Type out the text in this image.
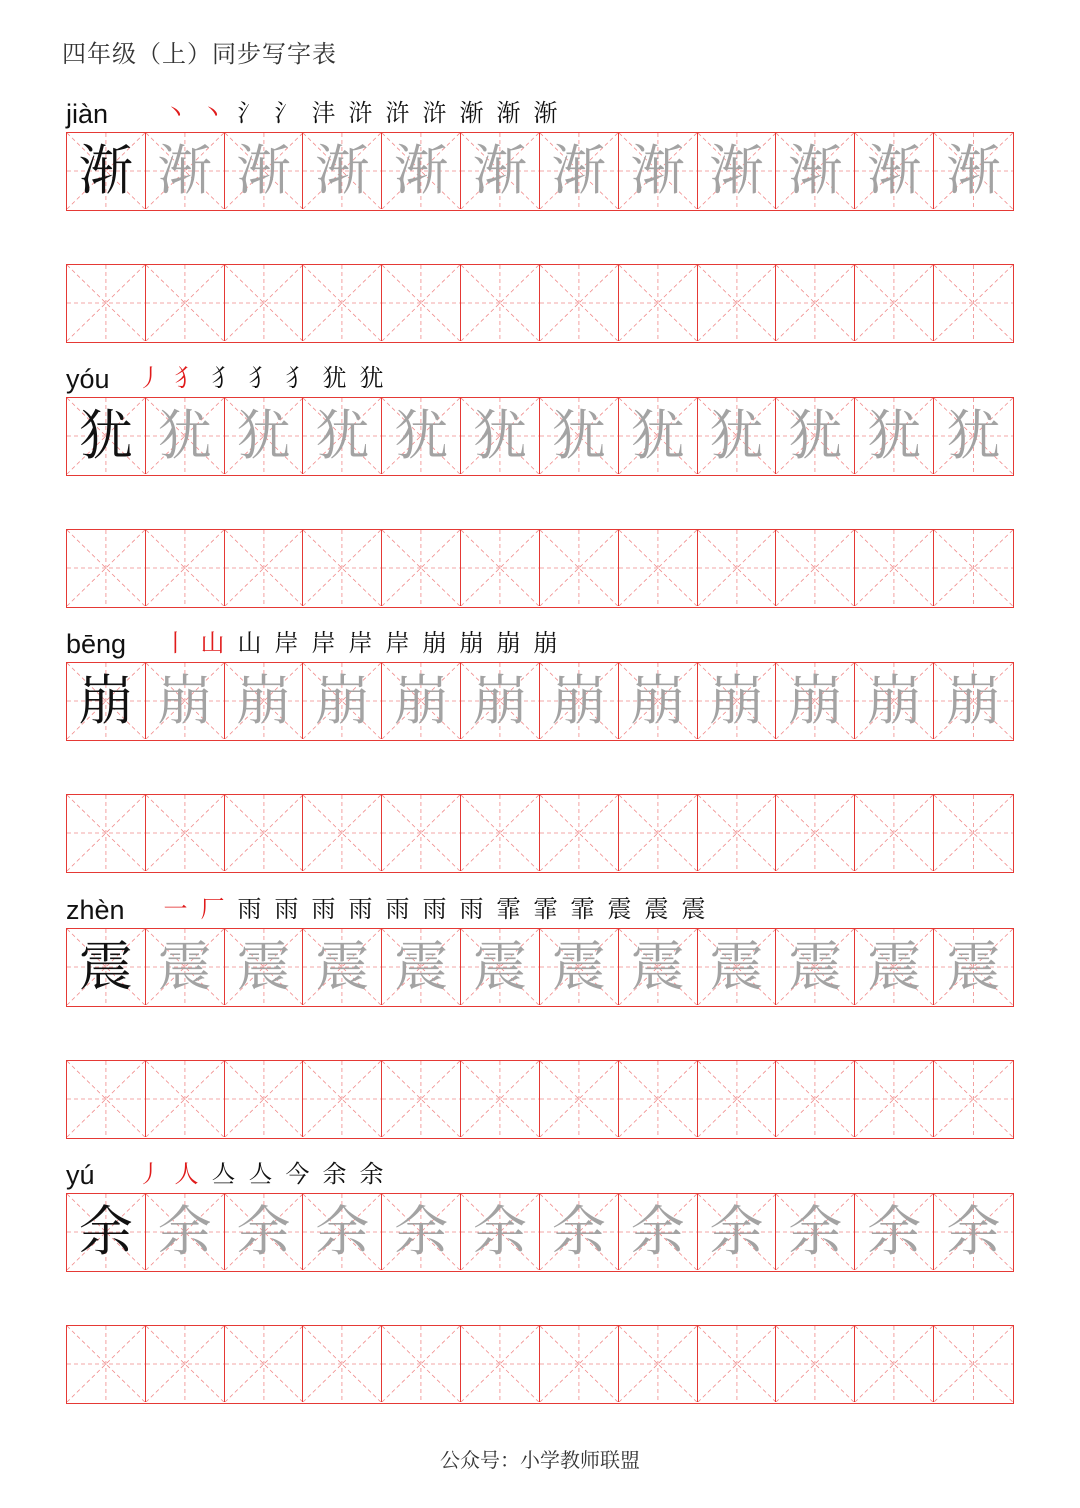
四年级（上）同步写字表
jiàn 丶 丶 氵 氵 沣 浒 浒 浒 渐 渐 渐
渐 渐 渐 渐 渐 渐 渐 渐 渐 渐 渐 渐
yóu 丿 犭 犭 犭 犭 犹 犹
犹 犹 犹 犹 犹 犹 犹 犹 犹 犹 犹 犹
bēng 丨 山 山 岸 岸 岸 岸 崩 崩 崩 崩
崩 崩 崩 崩 崩 崩 崩 崩 崩 崩 崩 崩
zhèn 一 厂 雨 雨 雨 雨 雨 雨 雨 霏 霏 霏 震 震 震
震 震 震 震 震 震 震 震 震 震 震 震
yú 丿 人 亼 亼 今 余 余
余 余 余 余 余 余 余 余 余 余 余 余
公众号：小学教师联盟
